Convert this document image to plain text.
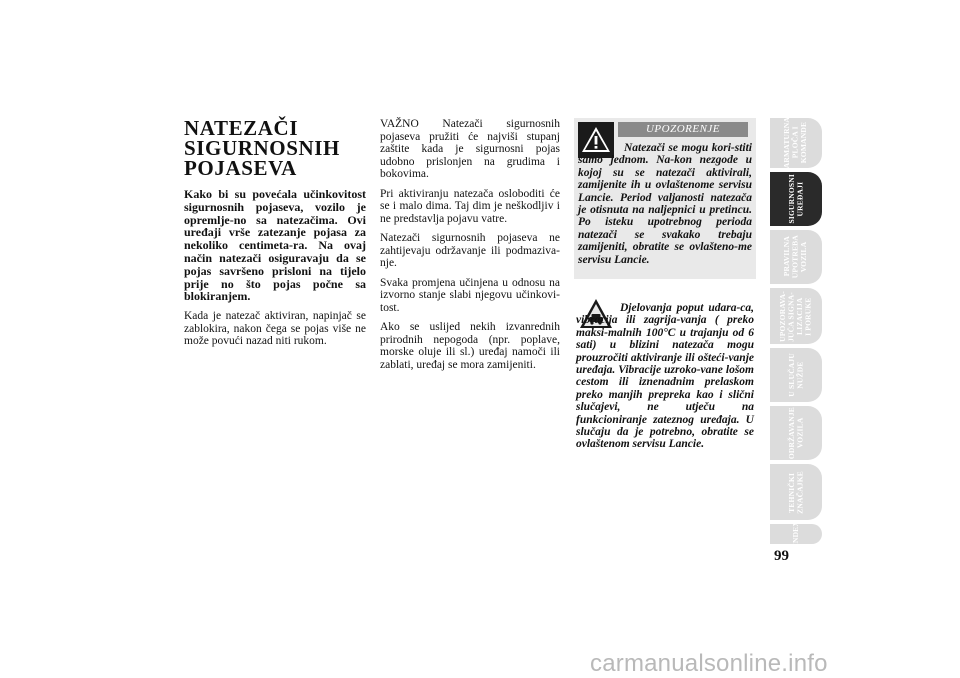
NATEZAČI
SIGURNOSNIH
POJASEVA

Kako bi su povećala učinkovitost sigurnosnih pojaseva, vozilo je opremlje-no sa natezačima. Ovi uređaji vrše zatezanje pojasa za nekoliko centimeta-ra. Na ovaj način natezači osiguravaju da se pojas savršeno prisloni na tijelo prije no što pojas počne sa blokiranjem.

Kada je natezač aktiviran, napinjač se zablokira, nakon čega se pojas više ne može povući nazad niti rukom.

VAŽNO Natezači sigurnosnih pojaseva pružiti će najviši stupanj zaštite kada je sigurnosni pojas udobno prislonjen na grudima i bokovima.

Pri aktiviranju natezača osloboditi će se i malo dima. Taj dim je neškodljiv i ne predstavlja pojavu vatre.

Natezači sigurnosnih pojaseva ne zahtijevaju održavanje ili podmaziva-nje.

Svaka promjena učinjena u odnosu na izvorno stanje slabi njegovu učinkovi-tost.

Ako se uslijed nekih izvanrednih prirodnih nepogoda (npr. poplave, morske oluje ili sl.) uređaj namoči ili zablati, uređaj se mora zamijeniti.

UPOZORENJE
Natezači se mogu kori-stiti samo jednom. Na-kon nezgode u kojoj su se natezači aktivirali, zamijenite ih u ovlaštenome servisu Lancie. Period valjanosti natezača je otisnuta na naljepnici u pretincu. Po isteku upotrebnog perioda natezači se svakako trebaju zamijeniti, obratite se ovlašteno-me servisu Lancie.
Djelovanja poput udara-ca, vibracija ili zagrija-vanja ( preko maksi-malnih 100°C u trajanju od 6 sati) u blizini natezača mogu prouzročiti aktiviranje ili ošteći-vanje uređaja. Vibracije uzroko-vane lošom cestom ili iznenadnim prelaskom preko manjih prepreka kao i slični slučajevi, ne utječu na funkcioniranje zateznog uređaja. U slučaju da je potrebno, obratite se ovlaštenom servisu Lancie.
ARMATURNA
PLOČA I
KOMANDE
SIGURNOSNI
UREĐAJI
PRAVILNA
UPOTREBA
VOZILA
UPOZORAVA-
JUĆA SIGNA-
LIZACIJA
I PORUKE
U SLUČAJU
NUŽDE
ODRŽAVANJE
VOZILA
TEHNIČKI
ZNAČAJKE
INDEX
99
carmanualsonline.info
